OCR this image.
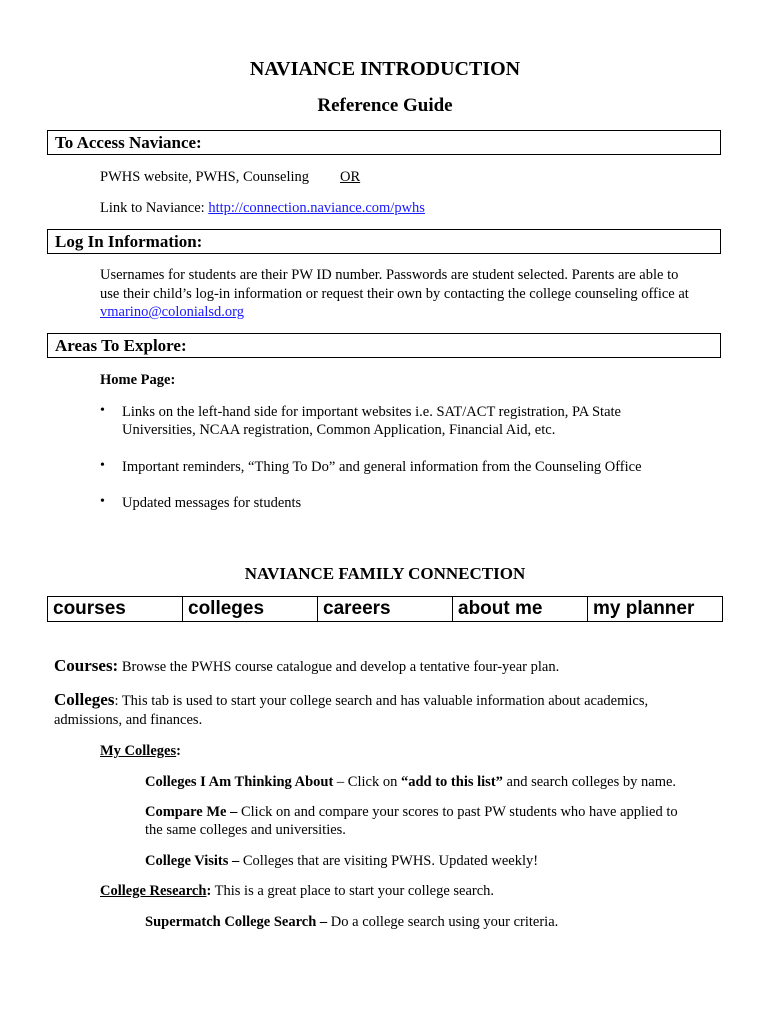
NAVIANCE INTRODUCTION
Reference Guide
To Access Naviance:
PWHS website, PWHS, Counseling OR
Link to Naviance: http://connection.naviance.com/pwhs
Log In Information:
Usernames for students are their PW ID number. Passwords are student selected. Parents are able to
use their child’s log-in information or request their own by contacting the college counseling office at
vmarino@colonialsd.org
Areas To Explore:
Home Page:
• Links on the left-hand side for important websites i.e. SAT/ACT registration, PA State
Universities, NCAA registration, Common Application, Financial Aid, etc.
• Important reminders, “Thing To Do” and general information from the Counseling Office
• Updated messages for students
NAVIANCE FAMILY CONNECTION
courses	colleges	careers	about me	my planner
Courses: Browse the PWHS course catalogue and develop a tentative four-year plan.
Colleges: This tab is used to start your college search and has valuable information about academics,
admissions, and finances.
My Colleges:
Colleges I Am Thinking About – Click on “add to this list” and search colleges by name.
Compare Me – Click on and compare your scores to past PW students who have applied to
the same colleges and universities.
College Visits – Colleges that are visiting PWHS. Updated weekly!
College Research: This is a great place to start your college search.
Supermatch College Search – Do a college search using your criteria.
